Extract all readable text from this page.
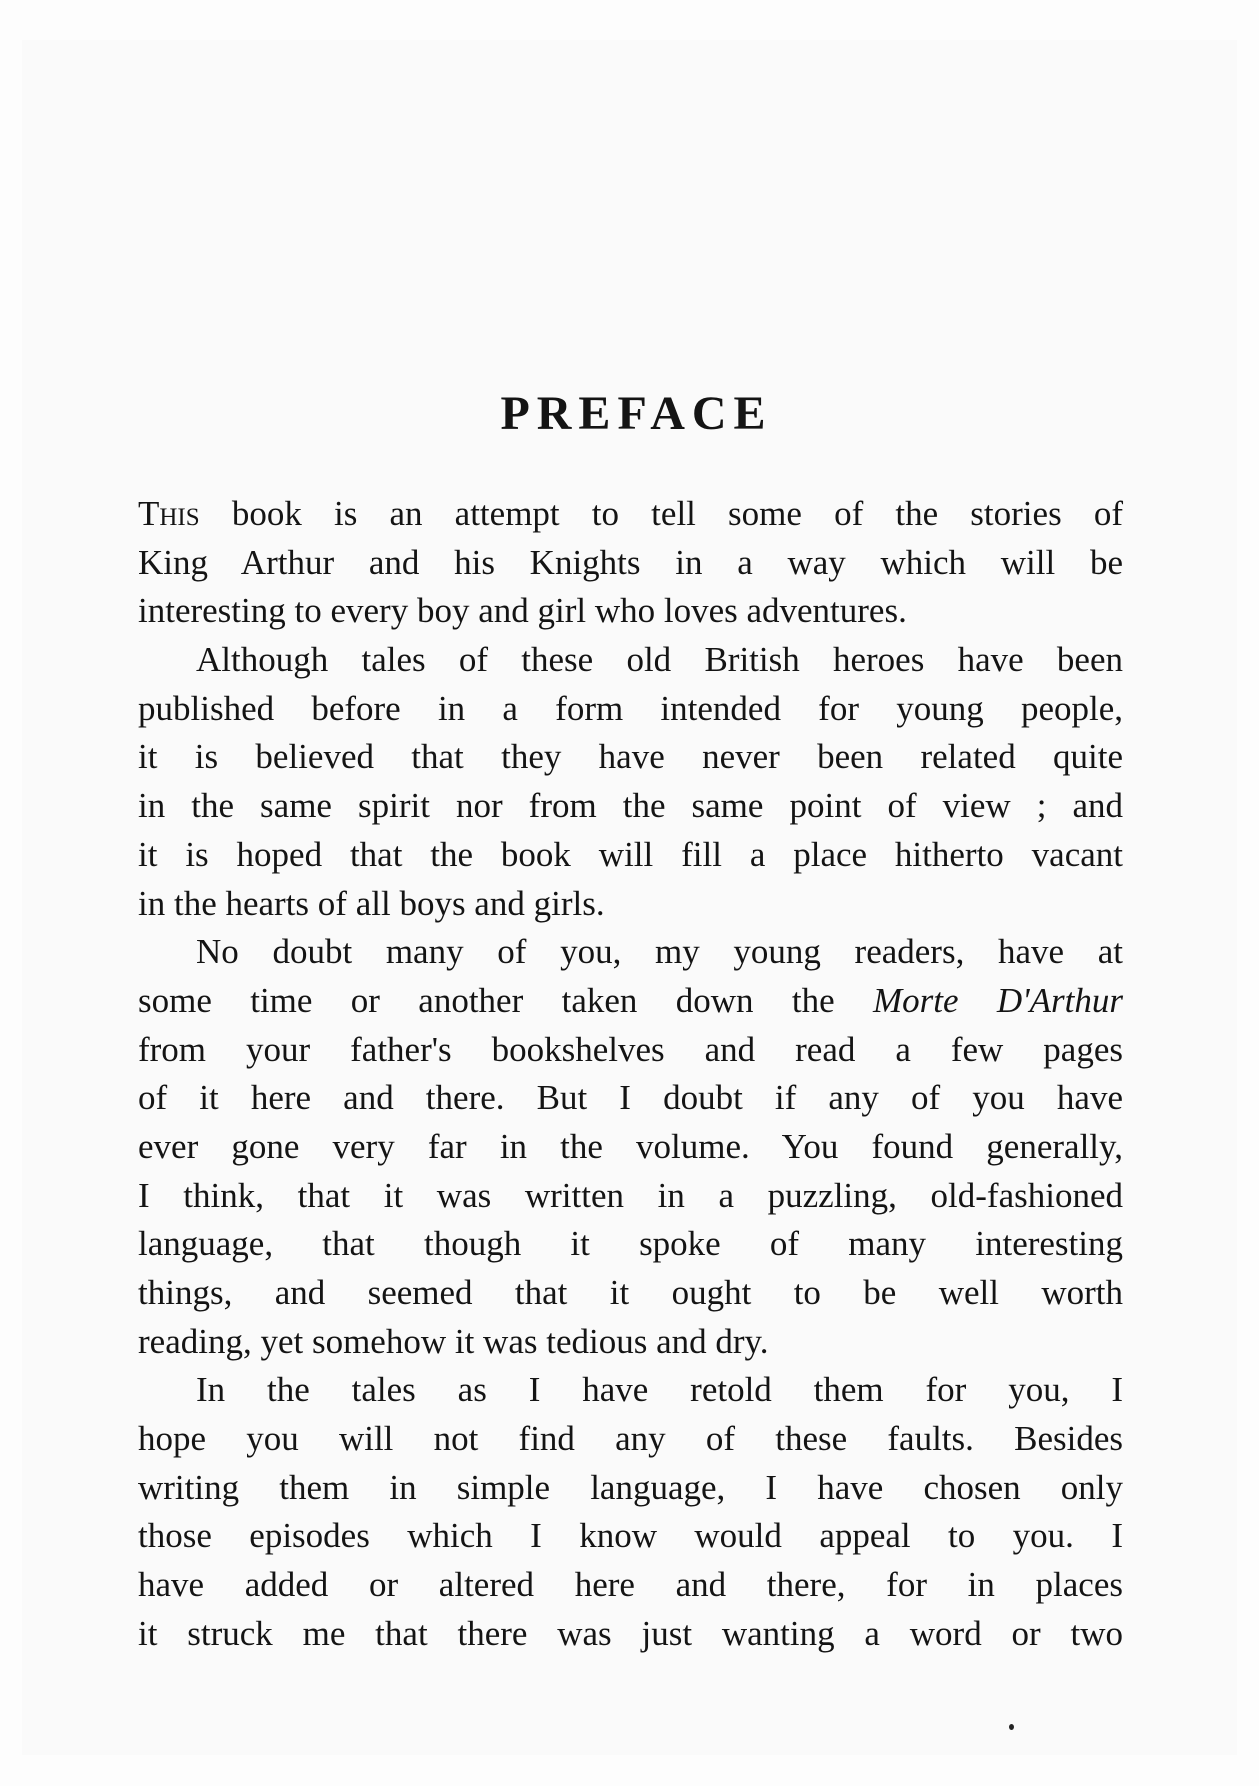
PREFACE
This book is an attempt to tell some of the stories of
King Arthur and his Knights in a way which will be
interesting to every boy and girl who loves adventures.
Although tales of these old British heroes have been
published before in a form intended for young people,
it is believed that they have never been related quite
in the same spirit nor from the same point of view ; and
it is hoped that the book will fill a place hitherto vacant
in the hearts of all boys and girls.
No doubt many of you, my young readers, have at
some time or another taken down the Morte D'Arthur
from your father's bookshelves and read a few pages
of it here and there. But I doubt if any of you have
ever gone very far in the volume. You found generally,
I think, that it was written in a puzzling, old-fashioned
language, that though it spoke of many interesting
things, and seemed that it ought to be well worth
reading, yet somehow it was tedious and dry.
In the tales as I have retold them for you, I
hope you will not find any of these faults. Besides
writing them in simple language, I have chosen only
those episodes which I know would appeal to you. I
have added or altered here and there, for in places
it struck me that there was just wanting a word or two
